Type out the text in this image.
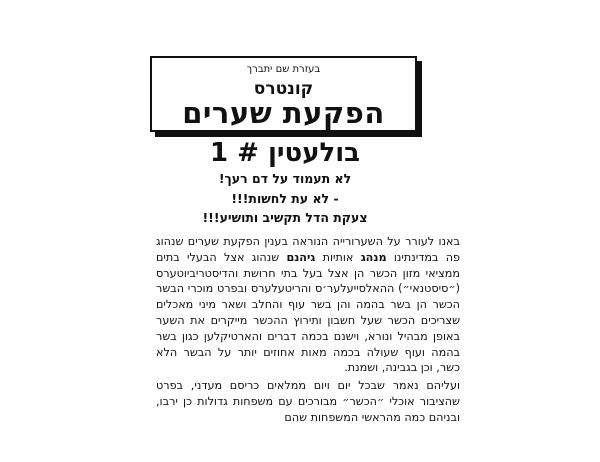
בעזרת שם יתברך
קונטרס
הפקעת שערים
בולעטין # 1
לא תעמוד על דם רעך!
- לא עת לחשות!!!
צעקת הדל תקשיב ותושיע!!!
באנו לעורר על השערורייה הנוראה בענין הפקעת שערים שנהוג פה במדינתינו מנהג אותיות גיהנם שנהוג אצל הבעלי בתים ממציאי מזון הכשר הן אצל בעל בתי חרושת והדיסטריביוטערס (״סיסטנאי״) ההאלסייעלער׳ס והריטעלערס ובפרט מוכרי הבשר הכשר הן בשר בהמה והן בשר עוף והחלב ושאר מיני מאכלים שצריכים הכשר שעל חשבון ותירוץ ההכשר מייקרים את השער באופן מבהיל ונורא, וישנם בכמה דברים והארטיקלען כגון בשר בהמה ועוף שעולה בכמה מאות אחוזים יותר על הבשר הלא כשר, וכן בגבינה, ושמנת.
ועליהם נאמר שבכל יום ויום ממלאים כריסם מעדני, בפרט שהציבור אוכלי ״הכשר״ מבורכים עם משפחות גדולות כן ירבו, ובניהם כמה מהראשי המשפחות שהם
